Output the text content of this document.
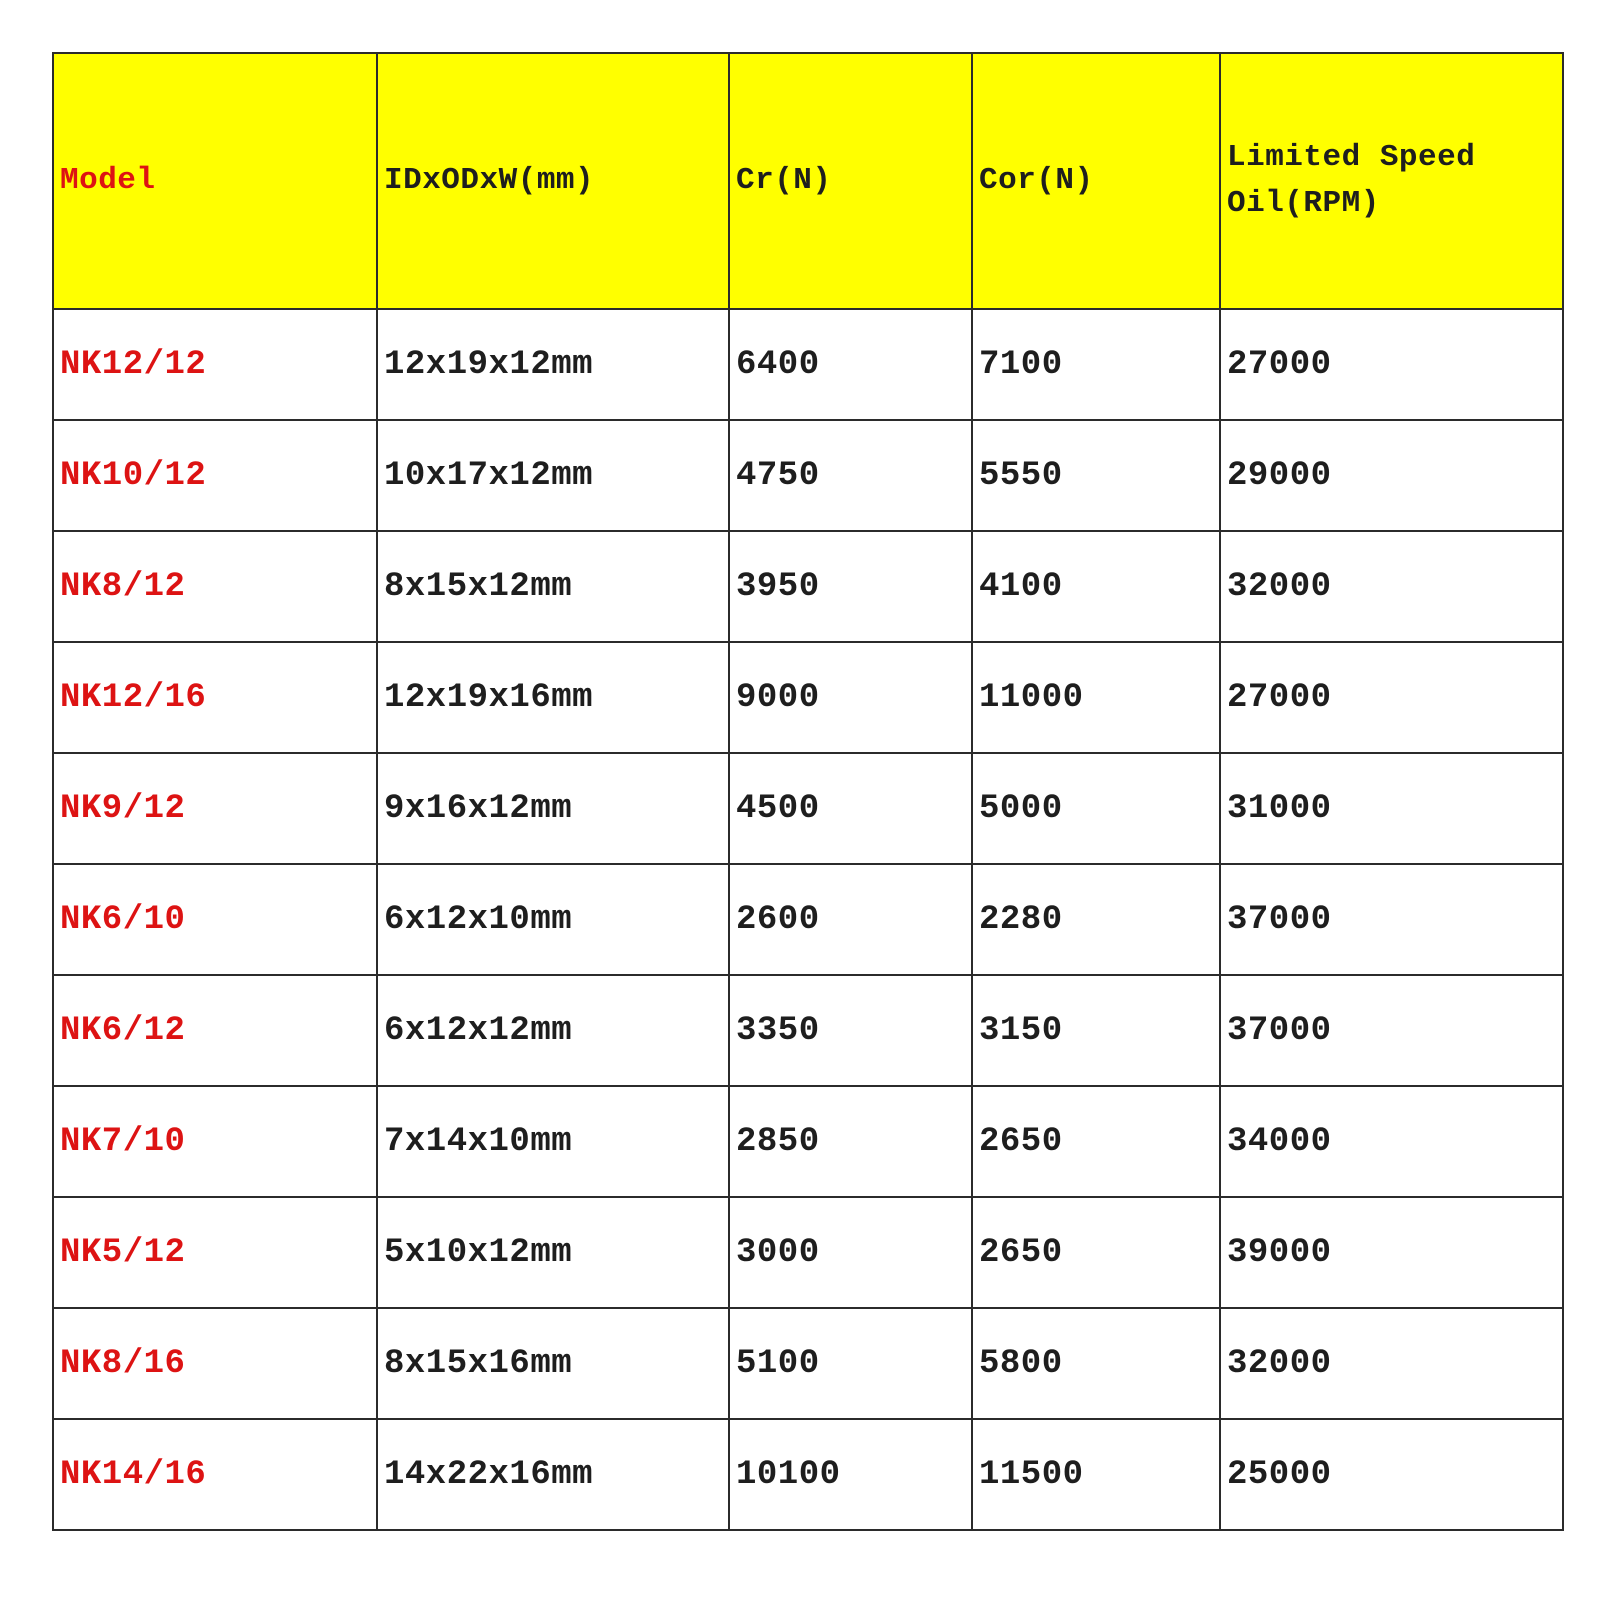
Model	IDxODxW(mm)	Cr(N)	Cor(N)	Limited Speed Oil(RPM)
NK12/12	12x19x12mm	6400	7100	27000
NK10/12	10x17x12mm	4750	5550	29000
NK8/12	8x15x12mm	3950	4100	32000
NK12/16	12x19x16mm	9000	11000	27000
NK9/12	9x16x12mm	4500	5000	31000
NK6/10	6x12x10mm	2600	2280	37000
NK6/12	6x12x12mm	3350	3150	37000
NK7/10	7x14x10mm	2850	2650	34000
NK5/12	5x10x12mm	3000	2650	39000
NK8/16	8x15x16mm	5100	5800	32000
NK14/16	14x22x16mm	10100	11500	25000
